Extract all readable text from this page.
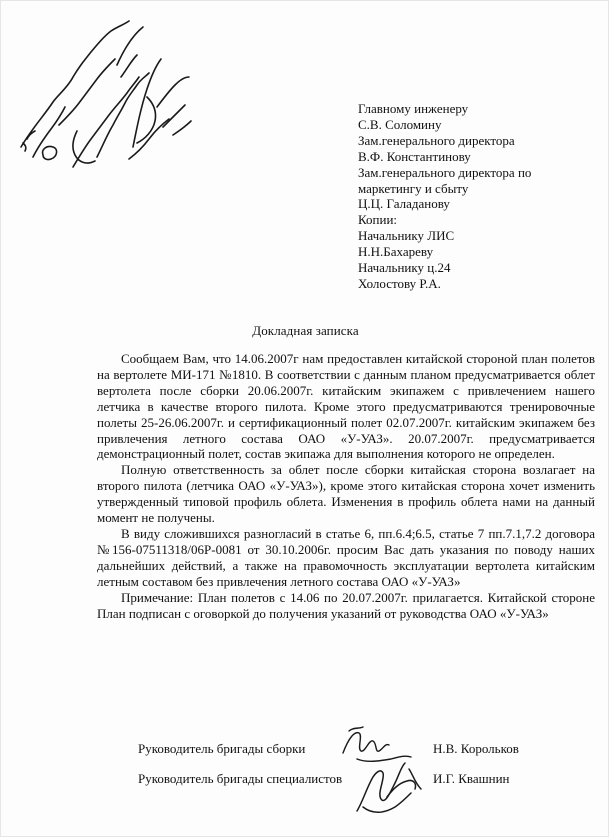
Главному инженеру
С.В. Соломину
Зам.генерального директора
В.Ф. Константинову
Зам.генерального директора по
маркетингу и сбыту
Ц.Ц. Галаданову
Копии:
Начальнику ЛИС
Н.Н.Бахареву
Начальнику ц.24
Холостову Р.А.
Докладная записка

Сообщаем Вам, что 14.06.2007г нам предоставлен китайской стороной план полетов на вертолете МИ-171 №1810. В соответствии с данным планом предусматривается облет вертолета после сборки 20.06.2007г. китайским экипажем с привлечением нашего летчика в качестве второго пилота. Кроме этого предусматриваются тренировочные полеты 25-26.06.2007г. и сертификационный полет 02.07.2007г. китайским экипажем без привлечения летного состава ОАО «У-УАЗ». 20.07.2007г. предусматривается демонстрационный полет, состав экипажа для выполнения которого не определен.

Полную ответственность за облет после сборки китайская сторона возлагает на второго пилота (летчика ОАО «У-УАЗ»), кроме этого китайская сторона хочет изменить утвержденный типовой профиль облета. Изменения в профиль облета нами на данный момент не получены.

В виду сложившихся разногласий в статье 6, пп.6.4;6.5, статье 7 пп.7.1,7.2 договора №156-07511318/06Р-0081 от 30.10.2006г. просим Вас дать указания по поводу наших дальнейших действий, а также на правомочность эксплуатации вертолета китайским летным составом без привлечения летного состава ОАО «У-УАЗ»

Примечание: План полетов с 14.06 по 20.07.2007г. прилагается. Китайской стороне План подписан с оговоркой до получения указаний от руководства ОАО «У-УАЗ»

Руководитель бригады сборки	Н.В. Корольков
Руководитель бригады специалистов	И.Г. Квашнин
